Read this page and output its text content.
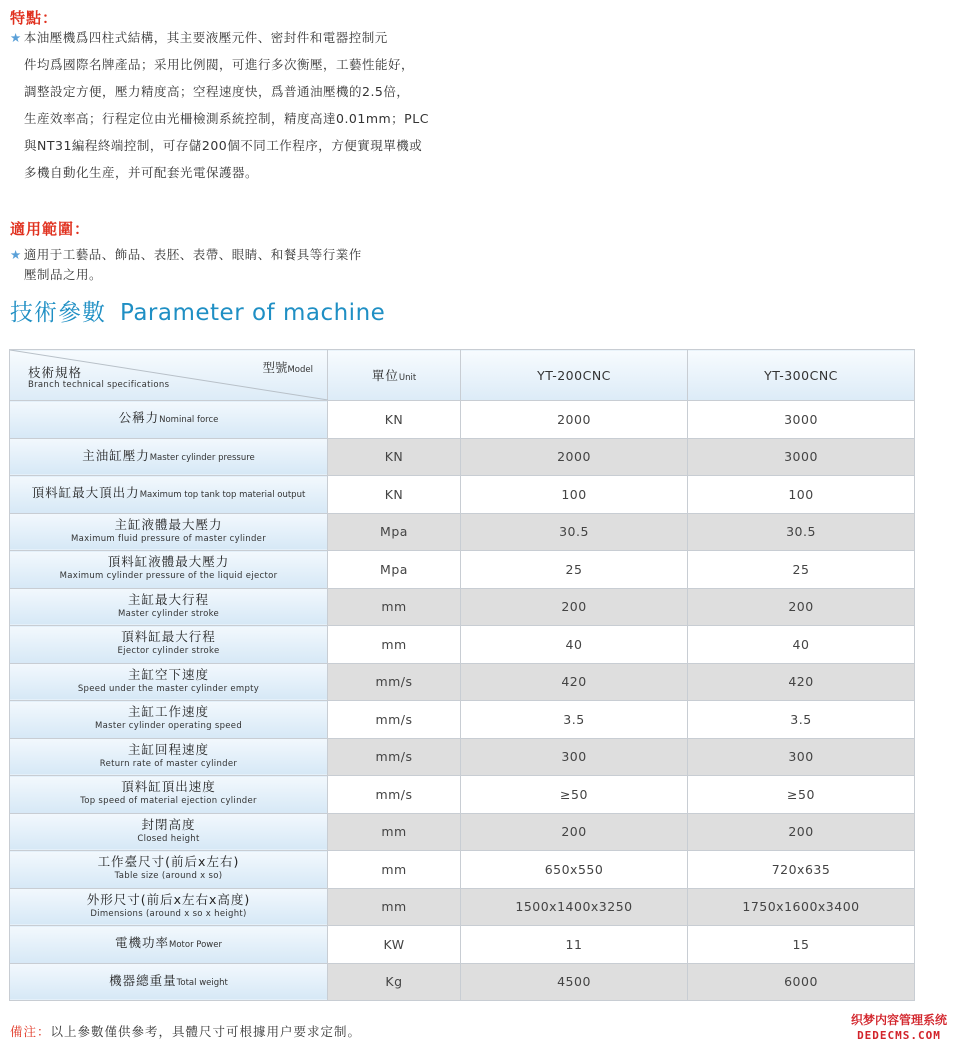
特點：
★ 本油壓機爲四柱式結構，其主要液壓元件、密封件和電器控制元
件均爲國際名牌產品；采用比例閥，可進行多次衡壓，工藝性能好，
調整設定方便，壓力精度高；空程速度快，爲普通油壓機的2.5倍，
生産效率高；行程定位由光柵檢測系統控制，精度高達0.01mm；PLC
與NT31編程終端控制，可存儲200個不同工作程序，方便實現單機或
多機自動化生産，并可配套光電保護器。
適用範圍：
★ 適用于工藝品、飾品、表胚、表帶、眼睛、和餐具等行業作
壓制品之用。
技術參數 Parameter of machine
型號Model
枝術規格
Branch technical specifications	單位Unit	YT-200CNC	YT-300CNC
公稱力Nominal force	KN	2000	3000
主油缸壓力Master cylinder pressure	KN	2000	3000
頂料缸最大頂出力Maximum top tank top material output	KN	100	100

主缸液體最大壓力
Maximum fluid pressure of master cylinder	Mpa	30.5	30.5

頂料缸液體最大壓力
Maximum cylinder pressure of the liquid ejector	Mpa	25	25

主缸最大行程
Master cylinder stroke	mm	200	200

頂料缸最大行程
Ejector cylinder stroke	mm	40	40

主缸空下速度
Speed under the master cylinder empty	mm/s	420	420

主缸工作速度
Master cylinder operating speed	mm/s	3.5	3.5

主缸回程速度
Return rate of master cylinder	mm/s	300	300

頂料缸頂出速度
Top speed of material ejection cylinder	mm/s	≥50	≥50

封閉高度
Closed height	mm	200	200

工作臺尺寸(前后x左右)
Table size (around x so)	mm	650x550	720x635

外形尺寸(前后x左右x高度)
Dimensions (around x so x height)	mm	1500x1400x3250	1750x1600x3400
電機功率Motor Power	KW	11	15
機器總重量Total weight	Kg	4500	6000
備注：以上參數僅供參考，具體尺寸可根據用户要求定制。
织梦内容管理系统
DEDECMS.COM
